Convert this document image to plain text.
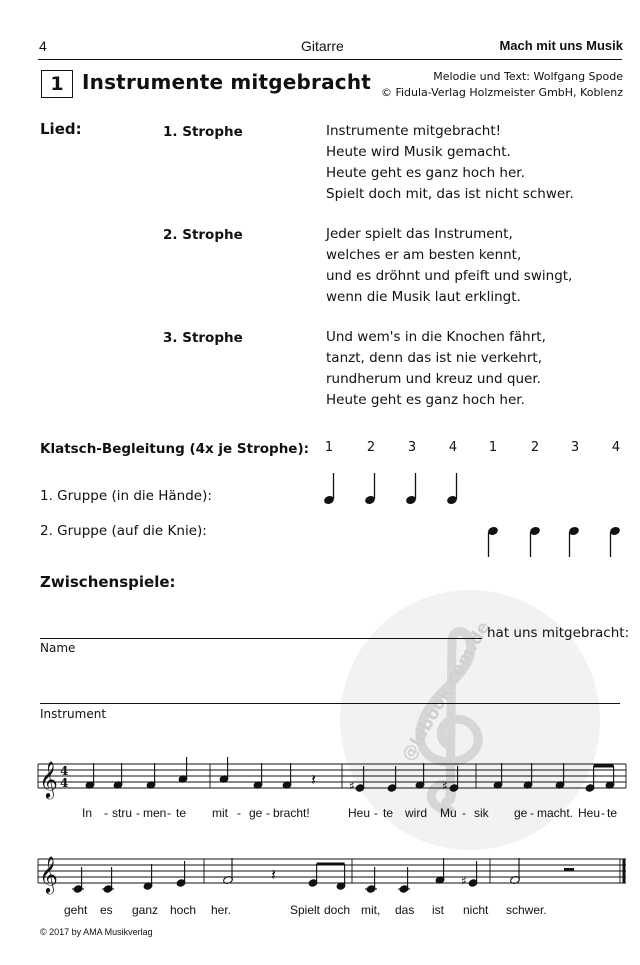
4	Gitarre	Mach mit uns Musik
1 Instrumente mitgebracht	Melodie und Text: Wolfgang Spode
© Fidula-Verlag Holzmeister GmbH, Koblenz
Lied:	1. Strophe	Instrumente mitgebracht!
Heute wird Musik gemacht.
Heute geht es ganz hoch her.
Spielt doch mit, das ist nicht schwer.
2. Strophe	Jeder spielt das Instrument,
welches er am besten kennt,
und es dröhnt und pfeift und swingt,
wenn die Musik laut erklingt.
3. Strophe	Und wem's in die Knochen fährt,
tanzt, denn das ist nie verkehrt,
rundherum und kreuz und quer.
Heute geht es ganz hoch her.
@ldbook.com.de
Klatsch-Begleitung (4x je Strophe): 1	2	3	4 1	2 3	4
1. Gruppe (in die Hände):
2. Gruppe (auf die Knie):
Zwischenspiele:
hat uns mitgebracht:
Name
Instrument
𝄞 4
4	𝄽	♯	♯
In - stru - men - te mit - ge - bracht!	Heu - te wird Mu - sik ge - macht. Heu - te
𝄞	𝄽	♯
geht es ganz hoch her.	Spielt doch mit, das ist nicht schwer.
© 2017 by AMA Musikverlag
